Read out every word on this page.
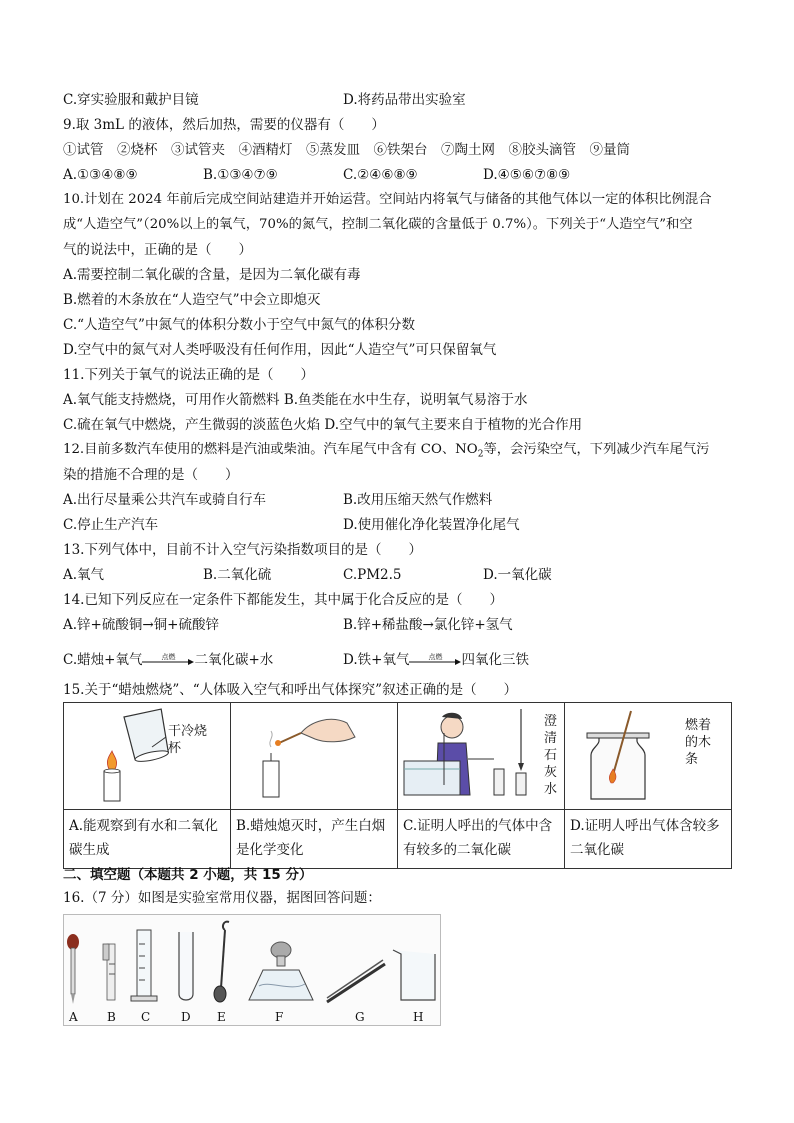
C.穿实验服和戴护目镜	D.将药品带出实验室
9.取 3mL 的液体，然后加热，需要的仪器有（　　）
①试管　②烧杯　③试管夹　④酒精灯　⑤蒸发皿　⑥铁架台　⑦陶土网　⑧胶头滴管　⑨量筒
A.①③④⑧⑨	B.①③④⑦⑨	C.②④⑥⑧⑨	D.④⑤⑥⑦⑧⑨
10.计划在 2024 年前后完成空间站建造并开始运营。空间站内将氧气与储备的其他气体以一定的体积比例混合
成“人造空气”（20%以上的氧气，70%的氮气，控制二氧化碳的含量低于 0.7%）。下列关于“人造空气”和空
气的说法中，正确的是（　　）
A.需要控制二氧化碳的含量，是因为二氧化碳有毒
B.燃着的木条放在“人造空气”中会立即熄灭
C.“人造空气”中氮气的体积分数小于空气中氮气的体积分数
D.空气中的氮气对人类呼吸没有任何作用，因此“人造空气”可只保留氧气
11.下列关于氧气的说法正确的是（　　）
A.氧气能支持燃烧，可用作火箭燃料 B.鱼类能在水中生存，说明氧气易溶于水
C.硫在氧气中燃烧，产生微弱的淡蓝色火焰 D.空气中的氧气主要来自于植物的光合作用
12.目前多数汽车使用的燃料是汽油或柴油。汽车尾气中含有 CO、$NO_2$等，会污染空气，下列减少汽车尾气污
染的措施不合理的是（　　）
A.出行尽量乘公共汽车或骑自行车	B.改用压缩天然气作燃料
C.停止生产汽车	D.使用催化净化装置净化尾气
13.下列气体中，目前不计入空气污染指数项目的是（　　）
A.氧气	B.二氧化硫	C.PM2.5	D.一氧化碳
14.已知下列反应在一定条件下都能发生，其中属于化合反应的是（　　）
A.锌+硫酸铜→铜+硫酸锌	B.锌+稀盐酸→氯化锌+氢气
C.蜡烛+氧气	点燃	二氧化碳+水	D.铁+氧气	点燃	四氧化三铁
15.关于“蜡烛燃烧”、“人体吸入空气和呼出气体探究”叙述正确的是（　　）
干冷烧杯		澄清石灰水	燃着的木条

A.能观察到有水和二氧化碳生成	B.蜡烛熄灭时，产生白烟是化学变化	C.证明人呼出的气体中含有较多的二氧化碳	D.证明人呼出气体含较多二氧化碳
二、填空题（本题共 2 小题，共 15 分）
16.（7 分）如图是实验室常用仪器，据图回答问题：
A B C	D E	F	G	H
